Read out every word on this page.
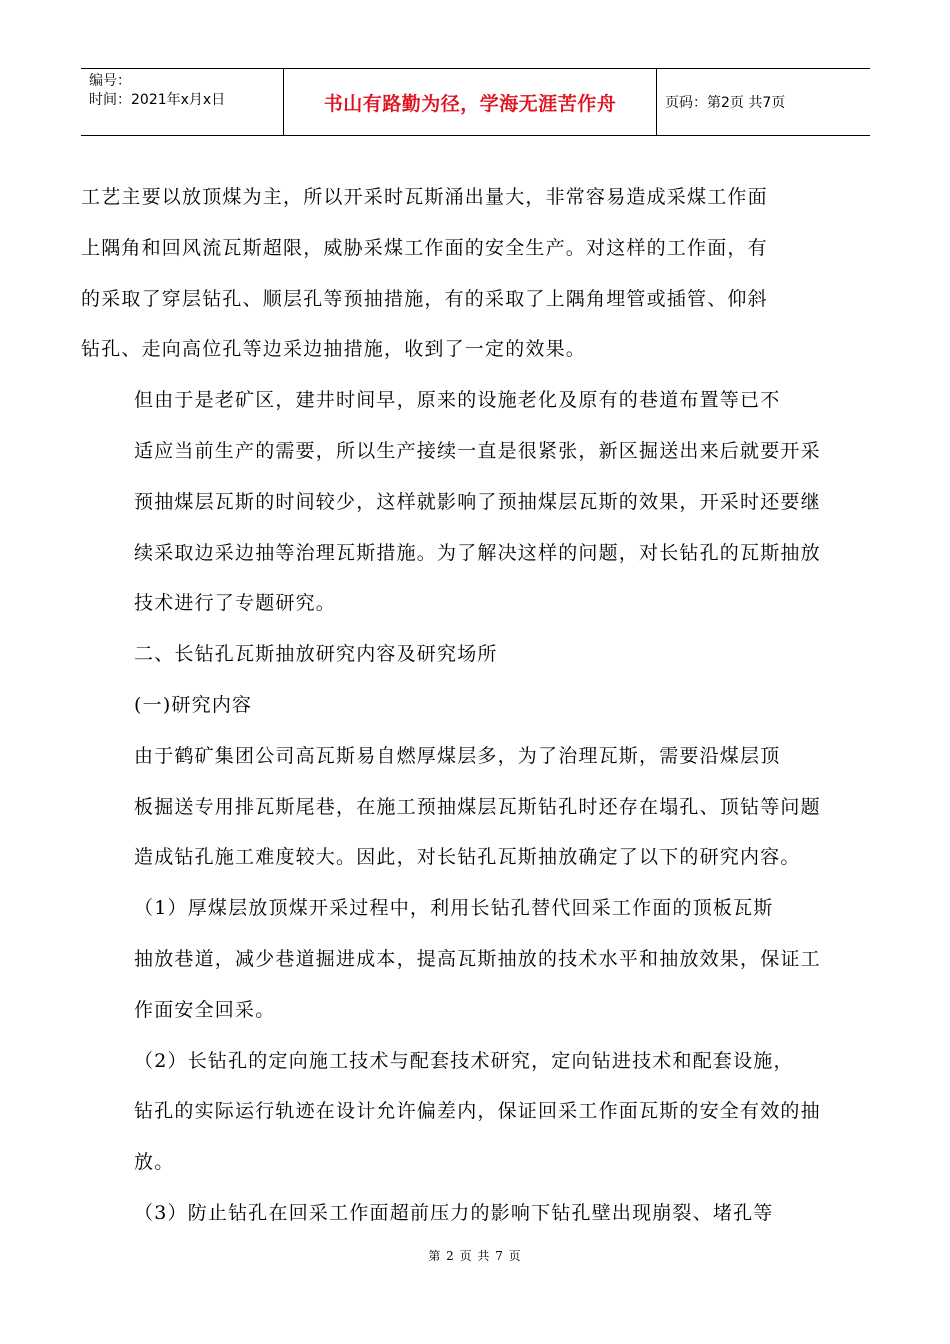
编号：
时间：2021年x月x日	书山有路勤为径，学海无涯苦作舟	页码：第2页 共7页
工艺主要以放顶煤为主，所以开采时瓦斯涌出量大，非常容易造成采煤工作面
上隅角和回风流瓦斯超限，威胁采煤工作面的安全生产。对这样的工作面，有
的采取了穿层钻孔、顺层孔等预抽措施，有的采取了上隅角埋管或插管、仰斜
钻孔、走向高位孔等边采边抽措施，收到了一定的效果。
但由于是老矿区，建井时间早，原来的设施老化及原有的巷道布置等已不
适应当前生产的需要，所以生产接续一直是很紧张，新区掘送出来后就要开采
预抽煤层瓦斯的时间较少，这样就影响了预抽煤层瓦斯的效果，开采时还要继
续采取边采边抽等治理瓦斯措施。为了解决这样的问题，对长钻孔的瓦斯抽放
技术进行了专题研究。
二、长钻孔瓦斯抽放研究内容及研究场所
(一)研究内容
由于鹤矿集团公司高瓦斯易自燃厚煤层多，为了治理瓦斯，需要沿煤层顶
板掘送专用排瓦斯尾巷，在施工预抽煤层瓦斯钻孔时还存在塌孔、顶钻等问题
造成钻孔施工难度较大。因此，对长钻孔瓦斯抽放确定了以下的研究内容。
（1）厚煤层放顶煤开采过程中，利用长钻孔替代回采工作面的顶板瓦斯
抽放巷道，减少巷道掘进成本，提高瓦斯抽放的技术水平和抽放效果，保证工
作面安全回采。
（2）长钻孔的定向施工技术与配套技术研究，定向钻进技术和配套设施，
钻孔的实际运行轨迹在设计允许偏差内，保证回采工作面瓦斯的安全有效的抽
放。
（3）防止钻孔在回采工作面超前压力的影响下钻孔壁出现崩裂、堵孔等
第 2 页 共 7 页
